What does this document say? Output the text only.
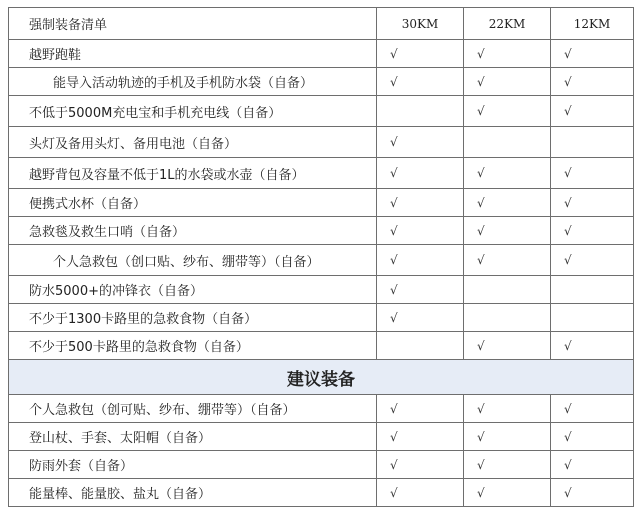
强制装备清单	30KM	22KM	12KM
越野跑鞋	√	√	√
能导入活动轨迹的手机及手机防水袋（自备）	√	√	√
不低于5000M充电宝和手机充电线（自备）		√	√
头灯及备用头灯、备用电池（自备）	√		
越野背包及容量不低于1L的水袋或水壶（自备）	√	√	√
便携式水杯（自备）	√	√	√
急救毯及救生口哨（自备）	√	√	√
个人急救包（创口贴、纱布、绷带等）（自备）	√	√	√
防水5000+的冲锋衣（自备）	√		
不少于1300卡路里的急救食物（自备）	√		
不少于500卡路里的急救食物（自备）		√	√
建议装备			
个人急救包（创可贴、纱布、绷带等）（自备）	√	√	√
登山杖、手套、太阳帽（自备）	√	√	√
防雨外套（自备）	√	√	√
能量棒、能量胶、盐丸（自备）	√	√	√
